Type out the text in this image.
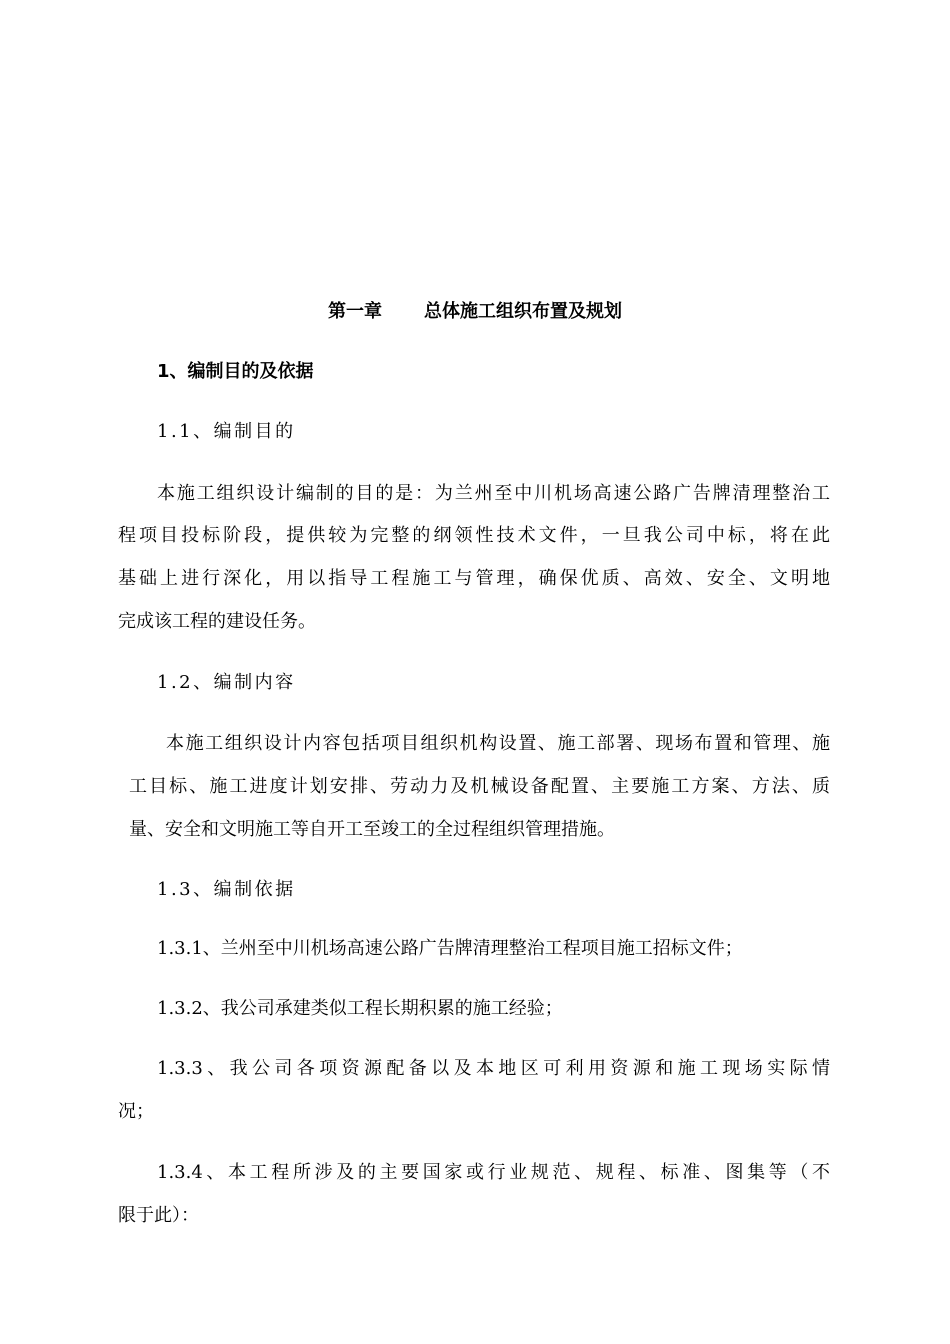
第一章 总体施工组织布置及规划
1、编制目的及依据
1.1、编制目的
本施工组织设计编制的目的是：为兰州至中川机场高速公路广告牌清理整治工
程项目投标阶段，提供较为完整的纲领性技术文件，一旦我公司中标，将在此
基础上进行深化，用以指导工程施工与管理，确保优质、高效、安全、文明地
完成该工程的建设任务。
1.2、编制内容
本施工组织设计内容包括项目组织机构设置、施工部署、现场布置和管理、施
工目标、施工进度计划安排、劳动力及机械设备配置、主要施工方案、方法、质
量、安全和文明施工等自开工至竣工的全过程组织管理措施。
1.3、编制依据
1.3.1、兰州至中川机场高速公路广告牌清理整治工程项目施工招标文件；
1.3.2、我公司承建类似工程长期积累的施工经验；
1.3.3、我公司各项资源配备以及本地区可利用资源和施工现场实际情
况；
1.3.4、本工程所涉及的主要国家或行业规范、规程、标准、图集等（不
限于此）：
